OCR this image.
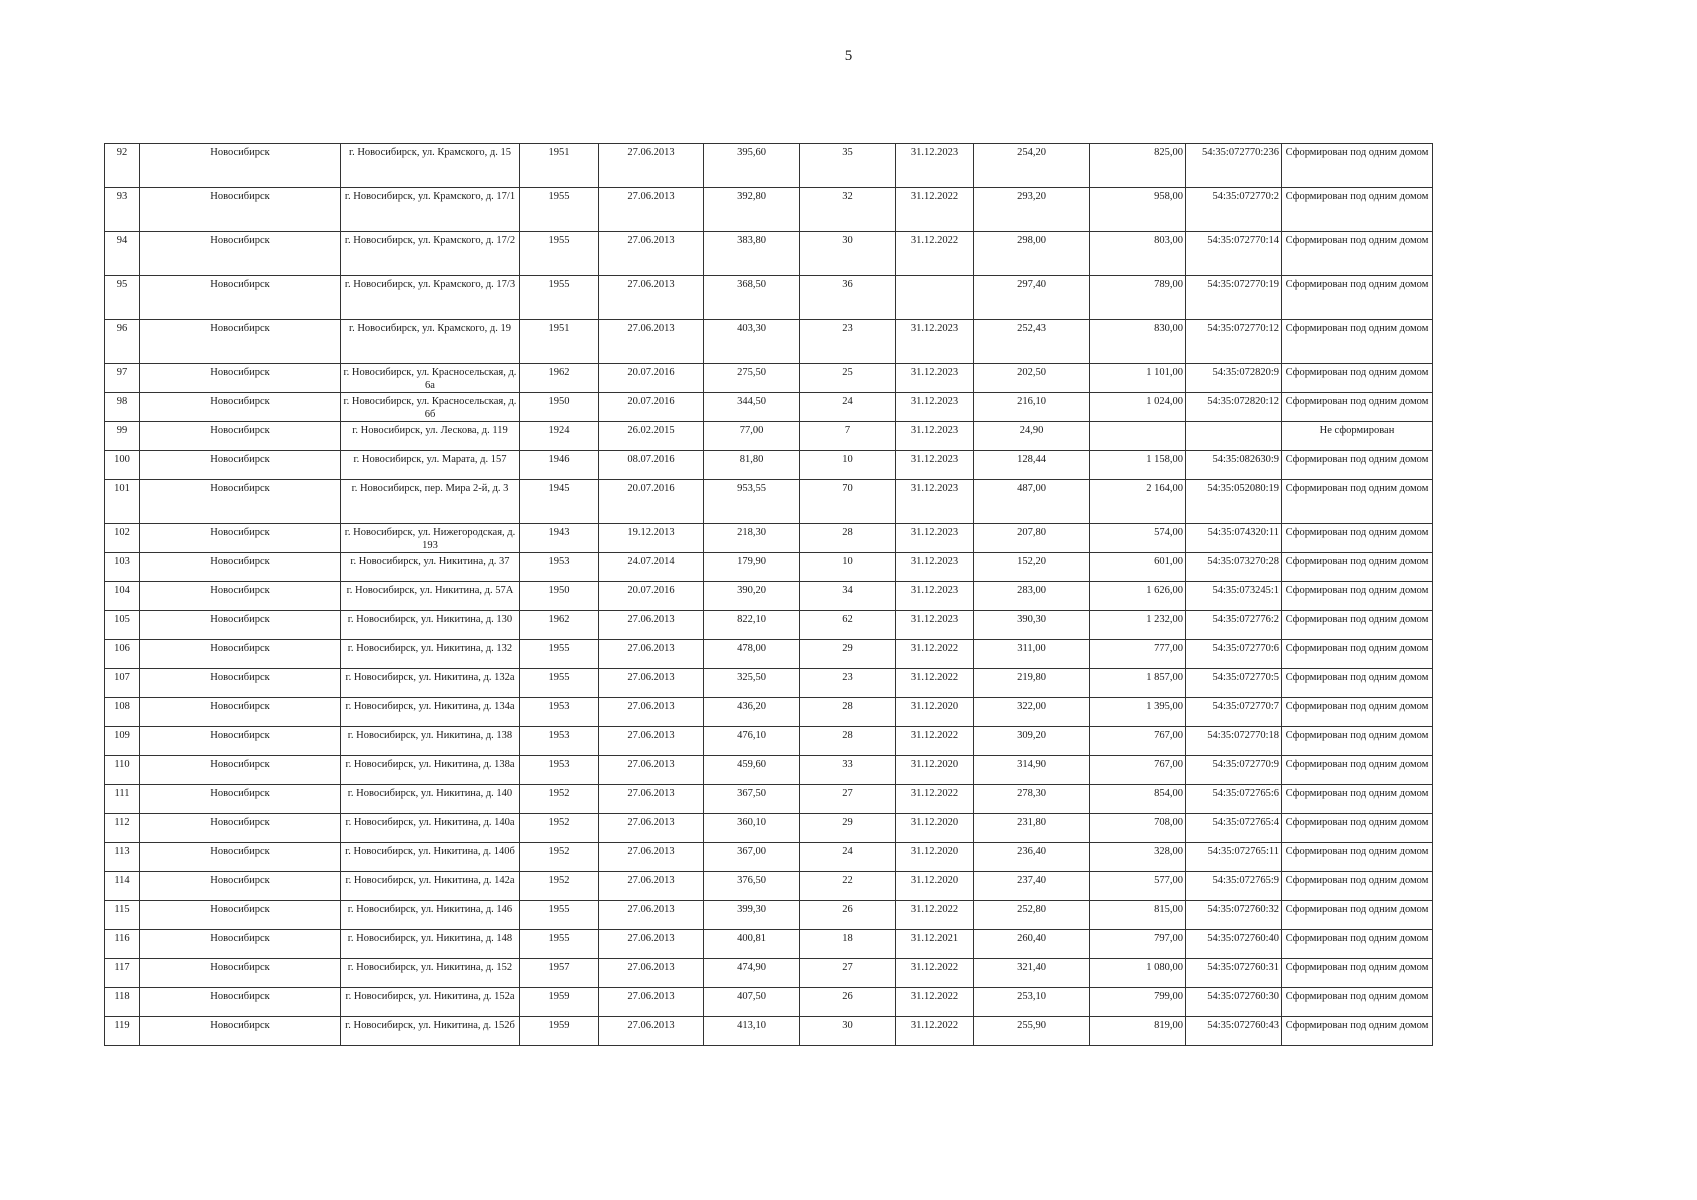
5
92	Новосибирск	г. Новосибирск, ул. Крамского, д. 15	1951	27.06.2013	395,60	35	31.12.2023	254,20	825,00	54:35:072770:236	Сформирован под одним домом
93	Новосибирск	г. Новосибирск, ул. Крамского, д. 17/1	1955	27.06.2013	392,80	32	31.12.2022	293,20	958,00	54:35:072770:2	Сформирован под одним домом
94	Новосибирск	г. Новосибирск, ул. Крамского, д. 17/2	1955	27.06.2013	383,80	30	31.12.2022	298,00	803,00	54:35:072770:14	Сформирован под одним домом
95	Новосибирск	г. Новосибирск, ул. Крамского, д. 17/3	1955	27.06.2013	368,50	36		297,40	789,00	54:35:072770:19	Сформирован под одним домом
96	Новосибирск	г. Новосибирск, ул. Крамского, д. 19	1951	27.06.2013	403,30	23	31.12.2023	252,43	830,00	54:35:072770:12	Сформирован под одним домом
97	Новосибирск	г. Новосибирск, ул. Красносельская, д. 6а	1962	20.07.2016	275,50	25	31.12.2023	202,50	1 101,00	54:35:072820:9	Сформирован под одним домом
98	Новосибирск	г. Новосибирск, ул. Красносельская, д. 6б	1950	20.07.2016	344,50	24	31.12.2023	216,10	1 024,00	54:35:072820:12	Сформирован под одним домом
99	Новосибирск	г. Новосибирск, ул. Лескова, д. 119	1924	26.02.2015	77,00	7	31.12.2023	24,90			Не сформирован
100	Новосибирск	г. Новосибирск, ул. Марата, д. 157	1946	08.07.2016	81,80	10	31.12.2023	128,44	1 158,00	54:35:082630:9	Сформирован под одним домом
101	Новосибирск	г. Новосибирск, пер. Мира 2-й, д. 3	1945	20.07.2016	953,55	70	31.12.2023	487,00	2 164,00	54:35:052080:19	Сформирован под одним домом
102	Новосибирск	г. Новосибирск, ул. Нижегородская, д. 193	1943	19.12.2013	218,30	28	31.12.2023	207,80	574,00	54:35:074320:11	Сформирован под одним домом
103	Новосибирск	г. Новосибирск, ул. Никитина, д. 37	1953	24.07.2014	179,90	10	31.12.2023	152,20	601,00	54:35:073270:28	Сформирован под одним домом
104	Новосибирск	г. Новосибирск, ул. Никитина, д. 57А	1950	20.07.2016	390,20	34	31.12.2023	283,00	1 626,00	54:35:073245:1	Сформирован под одним домом
105	Новосибирск	г. Новосибирск, ул. Никитина, д. 130	1962	27.06.2013	822,10	62	31.12.2023	390,30	1 232,00	54:35:072776:2	Сформирован под одним домом
106	Новосибирск	г. Новосибирск, ул. Никитина, д. 132	1955	27.06.2013	478,00	29	31.12.2022	311,00	777,00	54:35:072770:6	Сформирован под одним домом
107	Новосибирск	г. Новосибирск, ул. Никитина, д. 132а	1955	27.06.2013	325,50	23	31.12.2022	219,80	1 857,00	54:35:072770:5	Сформирован под одним домом
108	Новосибирск	г. Новосибирск, ул. Никитина, д. 134а	1953	27.06.2013	436,20	28	31.12.2020	322,00	1 395,00	54:35:072770:7	Сформирован под одним домом
109	Новосибирск	г. Новосибирск, ул. Никитина, д. 138	1953	27.06.2013	476,10	28	31.12.2022	309,20	767,00	54:35:072770:18	Сформирован под одним домом
110	Новосибирск	г. Новосибирск, ул. Никитина, д. 138а	1953	27.06.2013	459,60	33	31.12.2020	314,90	767,00	54:35:072770:9	Сформирован под одним домом
111	Новосибирск	г. Новосибирск, ул. Никитина, д. 140	1952	27.06.2013	367,50	27	31.12.2022	278,30	854,00	54:35:072765:6	Сформирован под одним домом
112	Новосибирск	г. Новосибирск, ул. Никитина, д. 140а	1952	27.06.2013	360,10	29	31.12.2020	231,80	708,00	54:35:072765:4	Сформирован под одним домом
113	Новосибирск	г. Новосибирск, ул. Никитина, д. 140б	1952	27.06.2013	367,00	24	31.12.2020	236,40	328,00	54:35:072765:11	Сформирован под одним домом
114	Новосибирск	г. Новосибирск, ул. Никитина, д. 142а	1952	27.06.2013	376,50	22	31.12.2020	237,40	577,00	54:35:072765:9	Сформирован под одним домом
115	Новосибирск	г. Новосибирск, ул. Никитина, д. 146	1955	27.06.2013	399,30	26	31.12.2022	252,80	815,00	54:35:072760:32	Сформирован под одним домом
116	Новосибирск	г. Новосибирск, ул. Никитина, д. 148	1955	27.06.2013	400,81	18	31.12.2021	260,40	797,00	54:35:072760:40	Сформирован под одним домом
117	Новосибирск	г. Новосибирск, ул. Никитина, д. 152	1957	27.06.2013	474,90	27	31.12.2022	321,40	1 080,00	54:35:072760:31	Сформирован под одним домом
118	Новосибирск	г. Новосибирск, ул. Никитина, д. 152а	1959	27.06.2013	407,50	26	31.12.2022	253,10	799,00	54:35:072760:30	Сформирован под одним домом
119	Новосибирск	г. Новосибирск, ул. Никитина, д. 152б	1959	27.06.2013	413,10	30	31.12.2022	255,90	819,00	54:35:072760:43	Сформирован под одним домом
